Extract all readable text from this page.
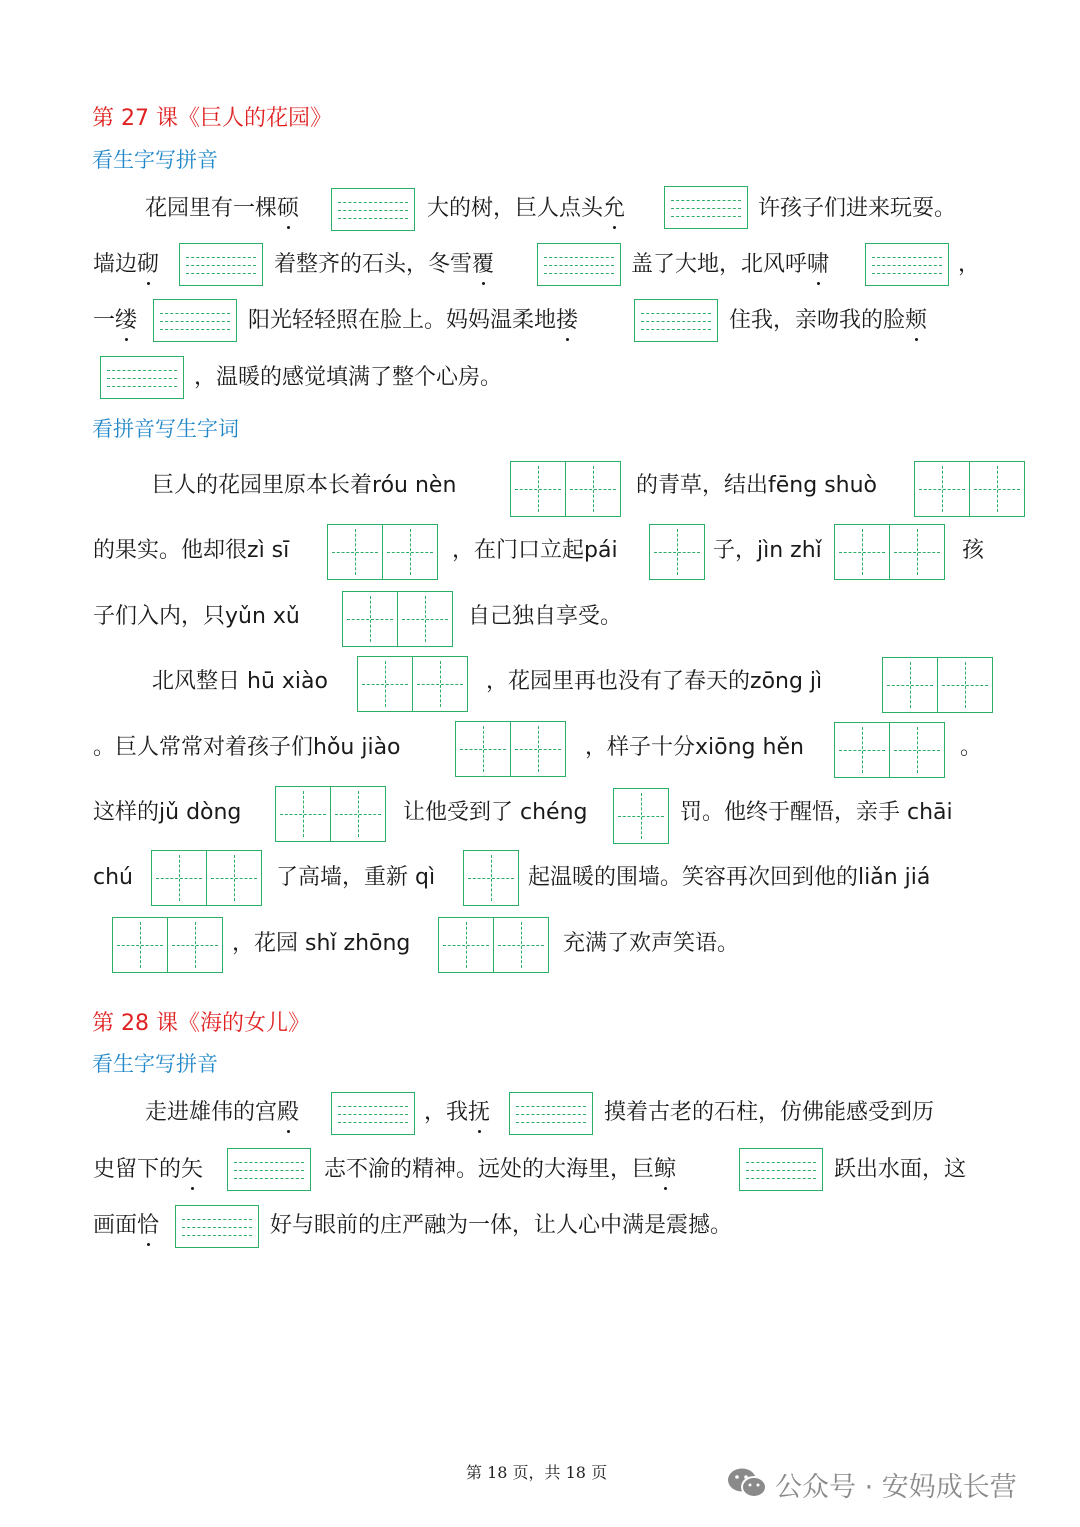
第 27 课《巨人的花园》
看生字写拼音
花园里有一棵硕	大的树，巨人点头允	许孩子们进来玩耍。
墙边砌	着整齐的石头，冬雪覆	盖了大地，北风呼啸	，
一缕	阳光轻轻照在脸上。妈妈温柔地搂	住我，亲吻我的脸颊
，温暖的感觉填满了整个心房。
看拼音写生字词
巨人的花园里原本长着róu nèn	的青草，结出fēng shuò
的果实。他却很zì sī	，在门口立起pái	子，jìn zhǐ	孩
子们入内，只yǔn xǔ	自己独自享受。
北风整日 hū xiào	，花园里再也没有了春天的zōng jì
。巨人常常对着孩子们hǒu jiào	，样子十分xiōng hěn	。
这样的jǔ dòng	让他受到了 chéng	罚。他终于醒悟，亲手 chāi
chú	了高墙，重新 qì	起温暖的围墙。笑容再次回到他的liǎn jiá
，花园 shǐ zhōng	充满了欢声笑语。
第 28 课《海的女儿》
看生字写拼音
走进雄伟的宫殿	，我抚	摸着古老的石柱，仿佛能感受到历
史留下的矢	志不渝的精神。远处的大海里，巨鲸	跃出水面，这
画面恰	好与眼前的庄严融为一体，让人心中满是震撼。
第 18 页，共 18 页	公众号 · 安妈成长营
